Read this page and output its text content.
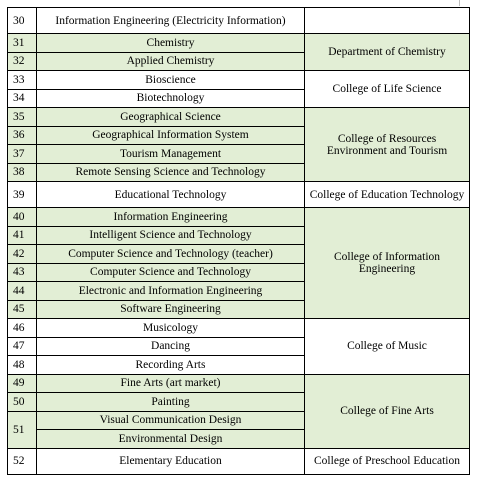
30	Information Engineering (Electricity Information)	
31	Chemistry	Department of Chemistry
32	Applied Chemistry	
33	Bioscience	College of Life Science
34	Biotechnology	
35	Geographical Science	College of Resources Environment and Tourism
36	Geographical Information System	
37	Tourism Management	
38	Remote Sensing Science and Technology	
39	Educational Technology	College of Education Technology
40	Information Engineering	College of Information Engineering
41	Intelligent Science and Technology	
42	Computer Science and Technology (teacher)	
43	Computer Science and Technology	
44	Electronic and Information Engineering	
45	Software Engineering	
46	Musicology	College of Music
47	Dancing	
48	Recording Arts	
49	Fine Arts (art market)	College of Fine Arts
50	Painting	
51	Visual Communication Design	
	Environmental Design	
52	Elementary Education	College of Preschool Education
